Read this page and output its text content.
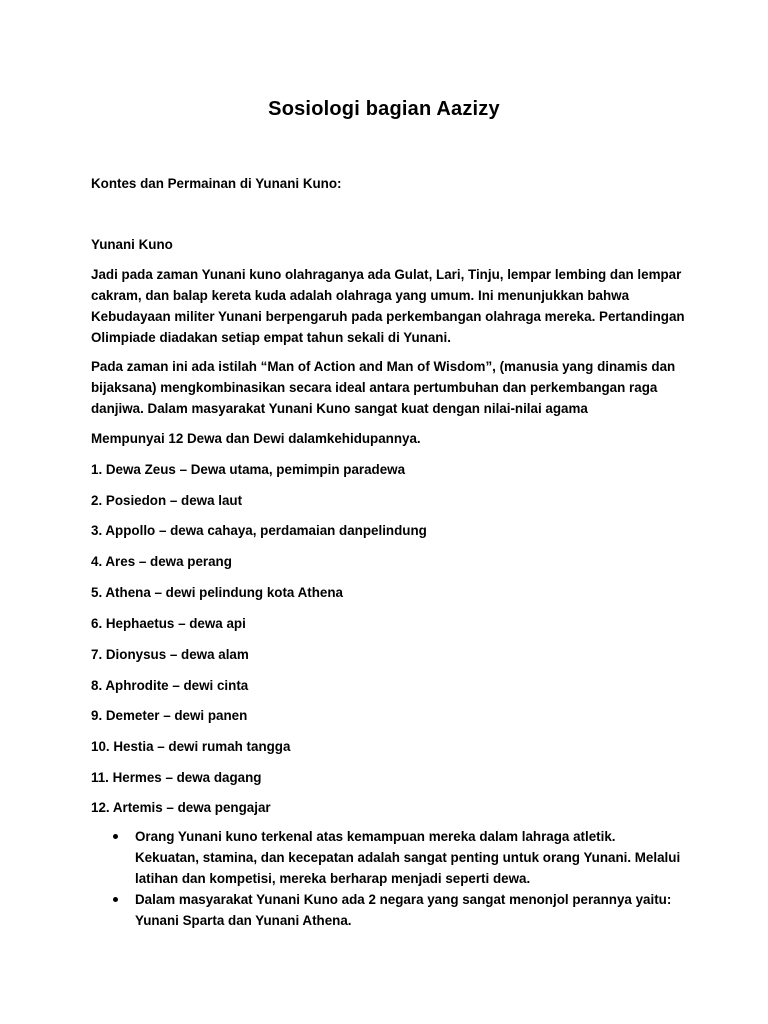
Sosiologi bagian Aazizy

Kontes dan Permainan di Yunani Kuno:

Yunani Kuno

Jadi pada zaman Yunani kuno olahraganya ada Gulat, Lari, Tinju, lempar lembing dan lempar
cakram, dan balap kereta kuda adalah olahraga yang umum. Ini menunjukkan bahwa
Kebudayaan militer Yunani berpengaruh pada perkembangan olahraga mereka. Pertandingan
Olimpiade diadakan setiap empat tahun sekali di Yunani.

Pada zaman ini ada istilah “Man of Action and Man of Wisdom”, (manusia yang dinamis dan
bijaksana) mengkombinasikan secara ideal antara pertumbuhan dan perkembangan raga
danjiwa. Dalam masyarakat Yunani Kuno sangat kuat dengan nilai-nilai agama

Mempunyai 12 Dewa dan Dewi dalamkehidupannya.

1. Dewa Zeus – Dewa utama, pemimpin paradewa

2. Posiedon – dewa laut

3. Appollo – dewa cahaya, perdamaian danpelindung

4. Ares – dewa perang

5. Athena – dewi pelindung kota Athena

6. Hephaetus – dewa api

7. Dionysus – dewa alam

8. Aphrodite – dewi cinta

9. Demeter – dewi panen

10. Hestia – dewi rumah tangga

11. Hermes – dewa dagang

12. Artemis – dewa pengajar

Orang Yunani kuno terkenal atas kemampuan mereka dalam lahraga atletik.
Kekuatan, stamina, dan kecepatan adalah sangat penting untuk orang Yunani. Melalui
latihan dan kompetisi, mereka berharap menjadi seperti dewa.
Dalam masyarakat Yunani Kuno ada 2 negara yang sangat menonjol perannya yaitu:
Yunani Sparta dan Yunani Athena.
